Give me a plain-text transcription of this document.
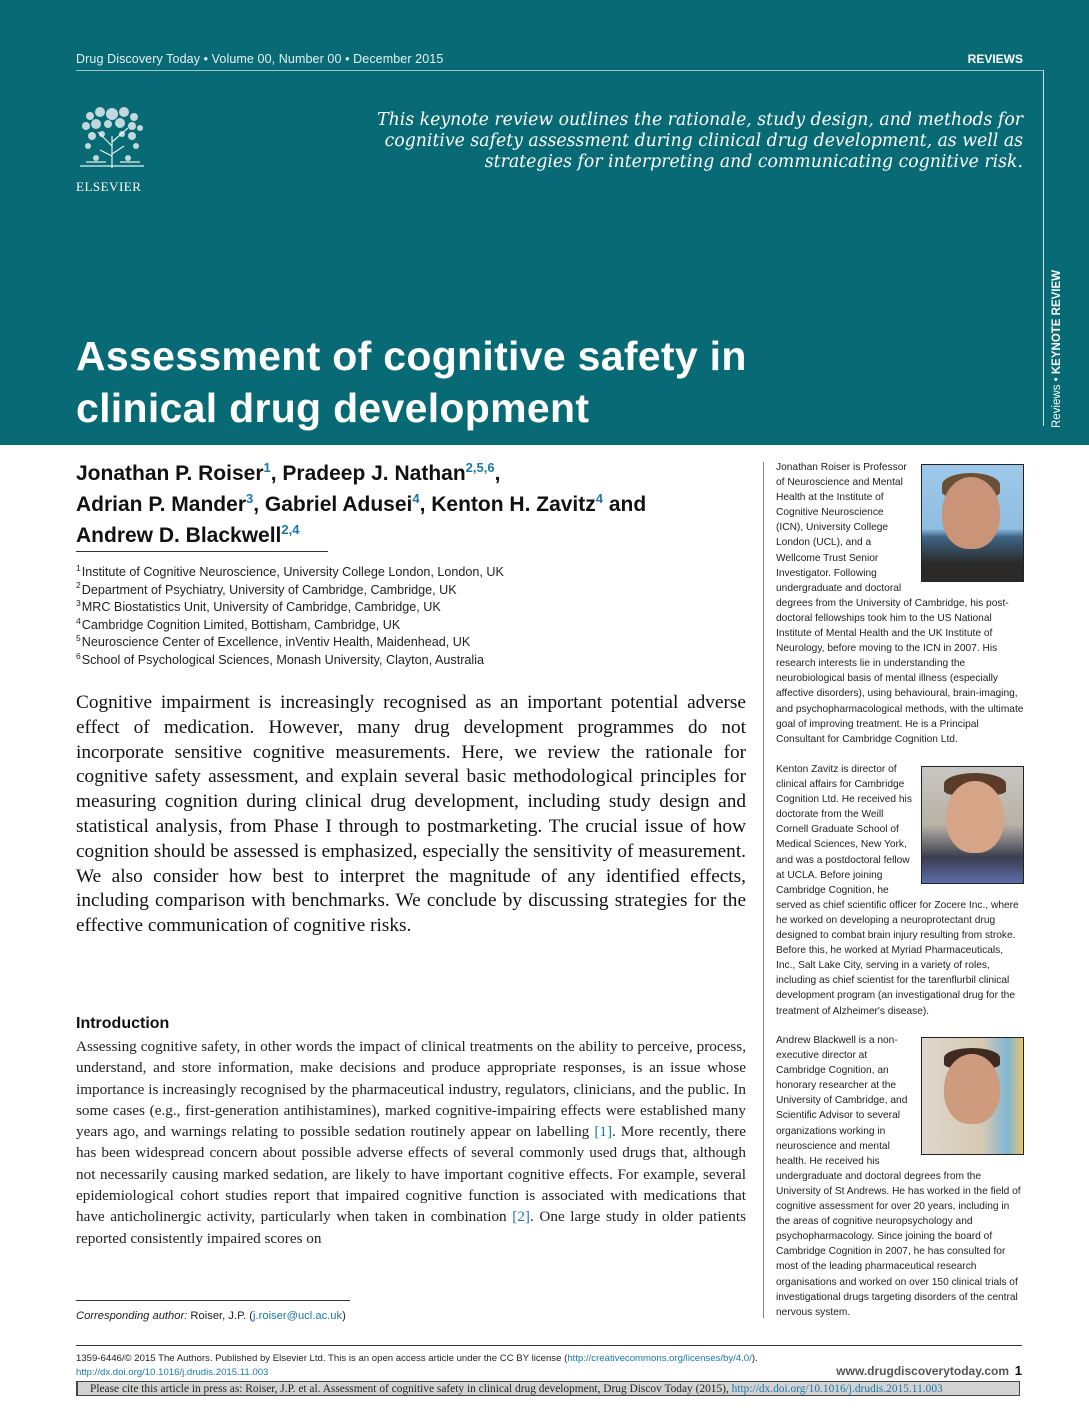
Drug Discovery Today • Volume 00, Number 00 • December 2015	REVIEWS
ELSEVIER
This keynote review outlines the rationale, study design, and methods for cognitive safety assessment during clinical drug development, as well as strategies for interpreting and communicating cognitive risk.
Reviews • KEYNOTE REVIEW
Assessment of cognitive safety in
clinical drug development
Jonathan P. Roiser$^1$, Pradeep J. Nathan$^{2,5,6}$,
Adrian P. Mander$^3$, Gabriel Adusei$^4$, Kenton H. Zavitz$^4$ and
Andrew D. Blackwell$^{2,4}$
$^1$Institute of Cognitive Neuroscience, University College London, London, UK
$^2$Department of Psychiatry, University of Cambridge, Cambridge, UK
$^3$MRC Biostatistics Unit, University of Cambridge, Cambridge, UK
$^4$Cambridge Cognition Limited, Bottisham, Cambridge, UK
$^5$Neuroscience Center of Excellence, inVentiv Health, Maidenhead, UK
$^6$School of Psychological Sciences, Monash University, Clayton, Australia
Cognitive impairment is increasingly recognised as an important potential adverse effect of medication. However, many drug development programmes do not incorporate sensitive cognitive measurements. Here, we review the rationale for cognitive safety assessment, and explain several basic methodological principles for measuring cognition during clinical drug development, including study design and statistical analysis, from Phase I through to postmarketing. The crucial issue of how cognition should be assessed is emphasized, especially the sensitivity of measurement. We also consider how best to interpret the magnitude of any identified effects, including comparison with benchmarks. We conclude by discussing strategies for the effective communication of cognitive risks.
Introduction
Assessing cognitive safety, in other words the impact of clinical treatments on the ability to perceive, process, understand, and store information, make decisions and produce appropriate responses, is an issue whose importance is increasingly recognised by the pharmaceutical industry, regulators, clinicians, and the public. In some cases (e.g., first-generation antihistamines), marked cognitive-impairing effects were established many years ago, and warnings relating to possible sedation routinely appear on labelling [1]. More recently, there has been widespread concern about possible adverse effects of several commonly used drugs that, although not necessarily causing marked sedation, are likely to have important cognitive effects. For example, several epidemiological cohort studies report that impaired cognitive function is associated with medications that have anticholinergic activity, particularly when taken in combination [2]. One large study in older patients reported consistently impaired scores on
Corresponding author: Roiser, J.P. (j.roiser@ucl.ac.uk)
Jonathan Roiser is Professor of Neuroscience and Mental Health at the Institute of Cognitive Neuroscience (ICN), University College London (UCL), and a Wellcome Trust Senior Investigator. Following undergraduate and doctoral degrees from the University of Cambridge, his post-doctoral fellowships took him to the US National Institute of Mental Health and the UK Institute of Neurology, before moving to the ICN in 2007. His research interests lie in understanding the neurobiological basis of mental illness (especially affective disorders), using behavioural, brain-imaging, and psychopharmacological methods, with the ultimate goal of improving treatment. He is a Principal Consultant for Cambridge Cognition Ltd.
Kenton Zavitz is director of clinical affairs for Cambridge Cognition Ltd. He received his doctorate from the Weill Cornell Graduate School of Medical Sciences, New York, and was a postdoctoral fellow at UCLA. Before joining Cambridge Cognition, he served as chief scientific officer for Zocere Inc., where he worked on developing a neuroprotectant drug designed to combat brain injury resulting from stroke. Before this, he worked at Myriad Pharmaceuticals, Inc., Salt Lake City, serving in a variety of roles, including as chief scientist for the tarenflurbil clinical development program (an investigational drug for the treatment of Alzheimer's disease).
Andrew Blackwell is a non-executive director at Cambridge Cognition, an honorary researcher at the University of Cambridge, and Scientific Advisor to several organizations working in neuroscience and mental health. He received his undergraduate and doctoral degrees from the University of St Andrews. He has worked in the field of cognitive assessment for over 20 years, including in the areas of cognitive neuropsychology and psychopharmacology. Since joining the board of Cambridge Cognition in 2007, he has consulted for most of the leading pharmaceutical research organisations and worked on over 150 clinical trials of investigational drugs targeting disorders of the central nervous system.
1359-6446/© 2015 The Authors. Published by Elsevier Ltd. This is an open access article under the CC BY license (http://creativecommons.org/licenses/by/4.0/).
http://dx.doi.org/10.1016/j.drudis.2015.11.003	www.drugdiscoverytoday.com 1
Please cite this article in press as: Roiser, J.P. et al. Assessment of cognitive safety in clinical drug development, Drug Discov Today (2015), http://dx.doi.org/10.1016/j.drudis.2015.11.003
